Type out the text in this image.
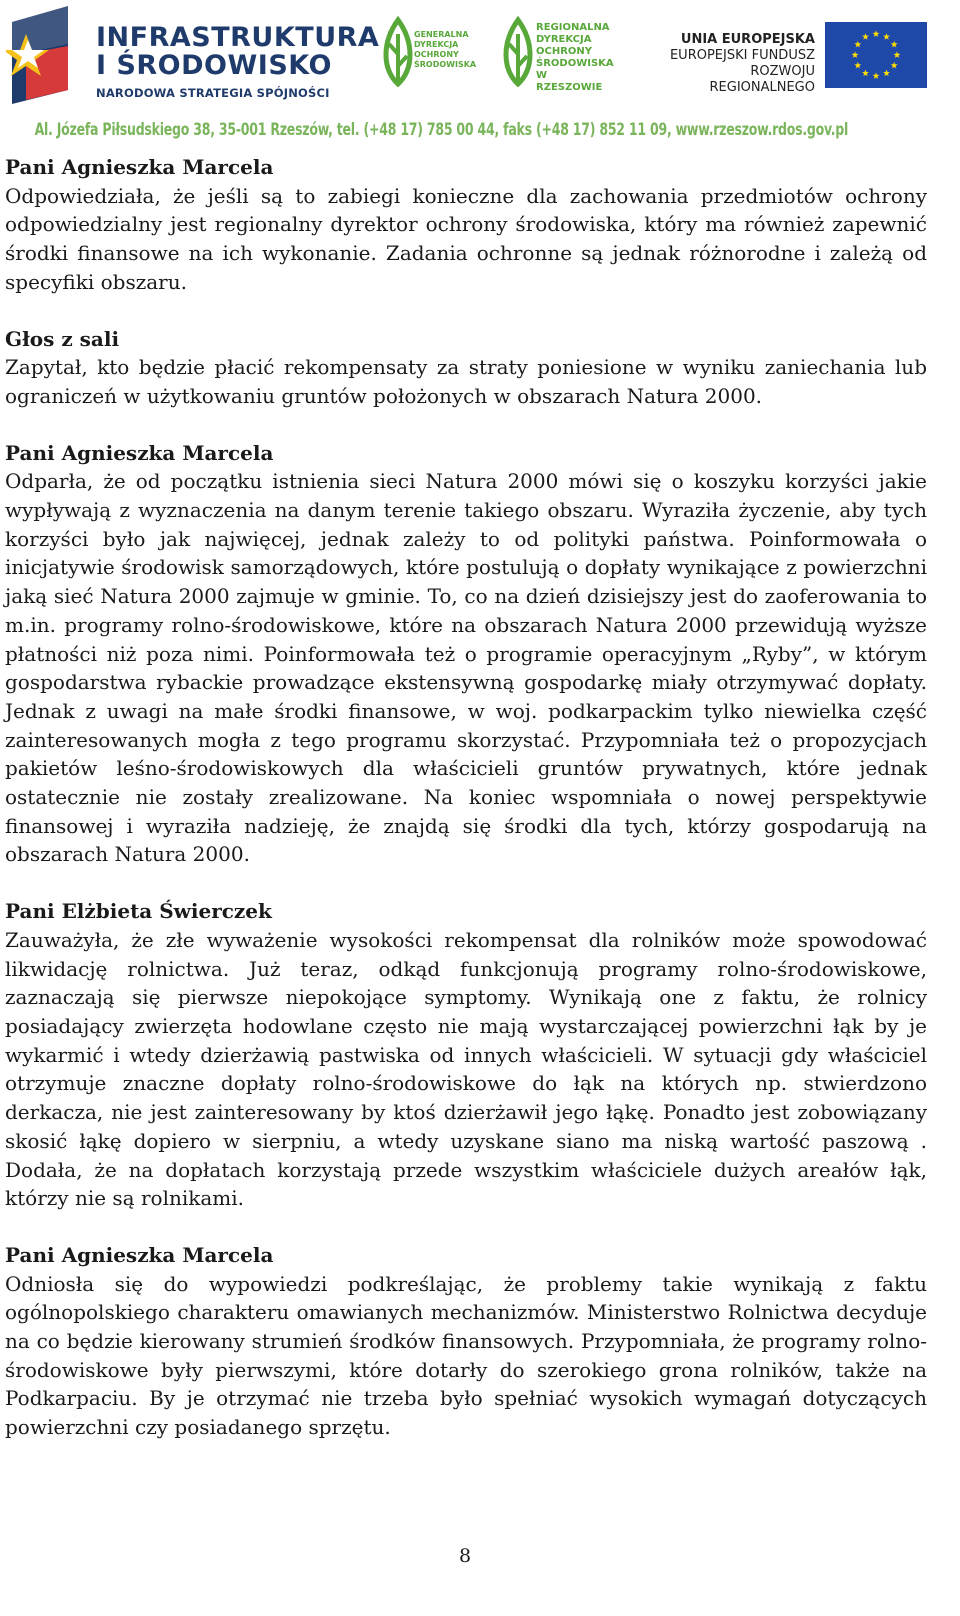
INFRASTRUKTURA
I ŚRODOWISKO
NARODOWA STRATEGIA SPÓJNOŚCI
GENERALNA
DYREKCJA
OCHRONY
ŚRODOWISKA
REGIONALNA
DYREKCJA
OCHRONY
ŚRODOWISKA
W RZESZOWIE
UNIA EUROPEJSKA
EUROPEJSKI FUNDUSZ
ROZWOJU REGIONALNEGO
Al. Józefa Piłsudskiego 38, 35-001 Rzeszów, tel. (+48 17) 785 00 44, faks (+48 17) 852 11 09, www.rzeszow.rdos.gov.pl
Pani Agnieszka Marcela

Odpowiedziała, że jeśli są to zabiegi konieczne dla zachowania przedmiotów ochrony odpowiedzialny jest regionalny dyrektor ochrony środowiska, który ma również zapewnić środki finansowe na ich wykonanie. Zadania ochronne są jednak różnorodne i zależą od specyfiki obszaru.

Głos z sali

Zapytał, kto będzie płacić rekompensaty za straty poniesione w wyniku zaniechania lub ograniczeń w użytkowaniu gruntów położonych w obszarach Natura 2000.

Pani Agnieszka Marcela

Odparła, że od początku istnienia sieci Natura 2000 mówi się o koszyku korzyści jakie wypływają z wyznaczenia na danym terenie takiego obszaru. Wyraziła życzenie, aby tych korzyści było jak najwięcej, jednak zależy to od polityki państwa. Poinformowała o inicjatywie środowisk samorządowych, które postulują o dopłaty wynikające z powierzchni jaką sieć Natura 2000 zajmuje w gminie. To, co na dzień dzisiejszy jest do zaoferowania to m.in. programy rolno-środowiskowe, które na obszarach Natura 2000 przewidują wyższe płatności niż poza nimi. Poinformowała też o programie operacyjnym „Ryby”, w którym gospodarstwa rybackie prowadzące ekstensywną gospodarkę miały otrzymywać dopłaty. Jednak z uwagi na małe środki finansowe, w woj. podkarpackim tylko niewielka część zainteresowanych mogła z tego programu skorzystać. Przypomniała też o propozycjach pakietów leśno-środowiskowych dla właścicieli gruntów prywatnych, które jednak ostatecznie nie zostały zrealizowane. Na koniec wspomniała o nowej perspektywie finansowej i wyraziła nadzieję, że znajdą się środki dla tych, którzy gospodarują na obszarach Natura 2000.

Pani Elżbieta Świerczek

Zauważyła, że złe wyważenie wysokości rekompensat dla rolników może spowodować likwidację rolnictwa. Już teraz, odkąd funkcjonują programy rolno-środowiskowe, zaznaczają się pierwsze niepokojące symptomy. Wynikają one z faktu, że rolnicy posiadający zwierzęta hodowlane często nie mają wystarczającej powierzchni łąk by je wykarmić i wtedy dzierżawią pastwiska od innych właścicieli. W sytuacji gdy właściciel otrzymuje znaczne dopłaty rolno-środowiskowe do łąk na których np. stwierdzono derkacza, nie jest zainteresowany by ktoś dzierżawił jego łąkę. Ponadto jest zobowiązany skosić łąkę dopiero w sierpniu, a wtedy uzyskane siano ma niską wartość paszową . Dodała, że na dopłatach korzystają przede wszystkim właściciele dużych areałów łąk, którzy nie są rolnikami.

Pani Agnieszka Marcela

Odniosła się do wypowiedzi podkreślając, że problemy takie wynikają z faktu ogólnopolskiego charakteru omawianych mechanizmów. Ministerstwo Rolnictwa decyduje na co będzie kierowany strumień środków finansowych. Przypomniała, że programy rolno-środowiskowe były pierwszymi, które dotarły do szerokiego grona rolników, także na Podkarpaciu. By je otrzymać nie trzeba było spełniać wysokich wymagań dotyczących powierzchni czy posiadanego sprzętu.

8
